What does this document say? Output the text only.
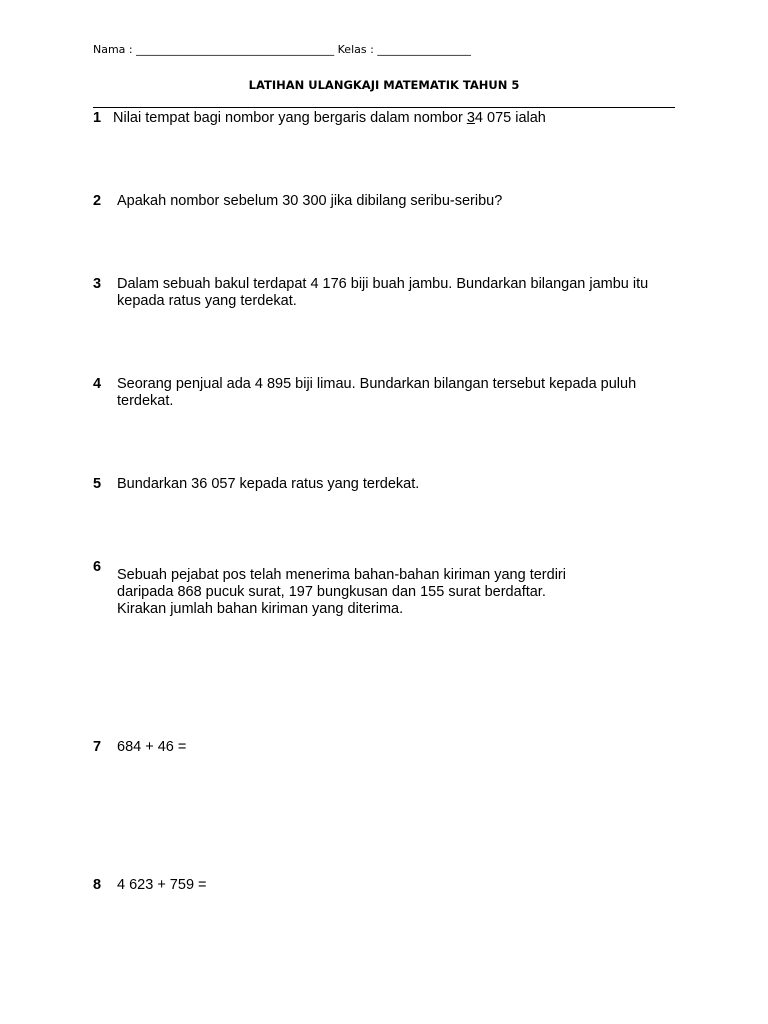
Nama : ____________________________________ Kelas : _________________
LATIHAN ULANGKAJI MATEMATIK TAHUN 5
1 Nilai tempat bagi nombor yang bergaris dalam nombor 34 075 ialah
2 Apakah nombor sebelum 30 300 jika dibilang seribu-seribu?
3 Dalam sebuah bakul terdapat 4 176 biji buah jambu. Bundarkan bilangan jambu itu kepada ratus yang terdekat.
4 Seorang penjual ada 4 895 biji limau. Bundarkan bilangan tersebut kepada puluh terdekat.
5 Bundarkan 36 057 kepada ratus yang terdekat.
6 Sebuah pejabat pos telah menerima bahan-bahan kiriman yang terdiri daripada 868 pucuk surat, 197 bungkusan dan 155 surat berdaftar. Kirakan jumlah bahan kiriman yang diterima.
7 684 + 46 =
8 4 623 + 759 =
